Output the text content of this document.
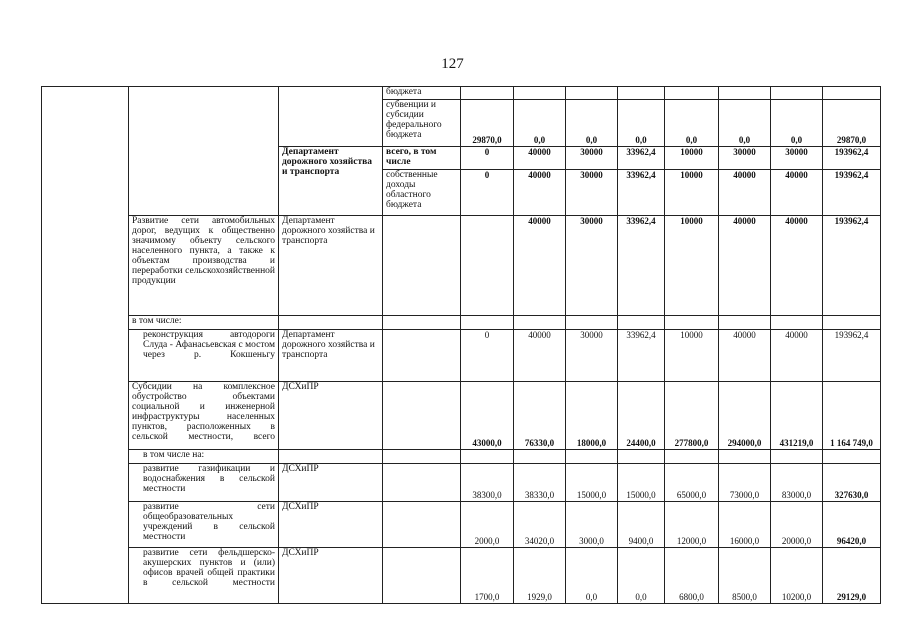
127
			бюджета								
			субвенции и субсидии федерального бюджета	29870,0	0,0	0,0	0,0	0,0	0,0	0,0	29870,0
		Департамент дорожного хозяйства и транспорта	всего, в том числе	0	40000	30000	33962,4	10000	30000	30000	193962,4
			собственные доходы областного бюджета	0	40000	30000	33962,4	10000	40000	40000	193962,4
	Развитие сети автомобильных дорог, ведущих к общественно значимому объекту сельского населенного пункта, а также к объектам производства и переработки сельскохозяйственной продукции	Департамент дорожного хозяйства и транспорта			40000	30000	33962,4	10000	40000	40000	193962,4
	в том числе:										
	реконструкция автодороги Слуда - Афанасьевская с мостом через р. Кокшеньгу	Департамент дорожного хозяйства и транспорта		0	40000	30000	33962,4	10000	40000	40000	193962,4
	Субсидии на комплексное обустройство объектами социальной и инженерной инфраструктуры населенных пунктов, расположенных в сельской местности, всего	ДСХиПР		43000,0	76330,0	18000,0	24400,0	277800,0	294000,0	431219,0	1 164 749,0
	в том числе на:										
	развитие газификации и водоснабжения в сельской местности	ДСХиПР		38300,0	38330,0	15000,0	15000,0	65000,0	73000,0	83000,0	327630,0
	развитие сети общеобразовательных учреждений в сельской местности	ДСХиПР		2000,0	34020,0	3000,0	9400,0	12000,0	16000,0	20000,0	96420,0
	развитие сети фельдшерско-акушерских пунктов и (или) офисов врачей общей практики в сельской местности	ДСХиПР		1700,0	1929,0	0,0	0,0	6800,0	8500,0	10200,0	29129,0
